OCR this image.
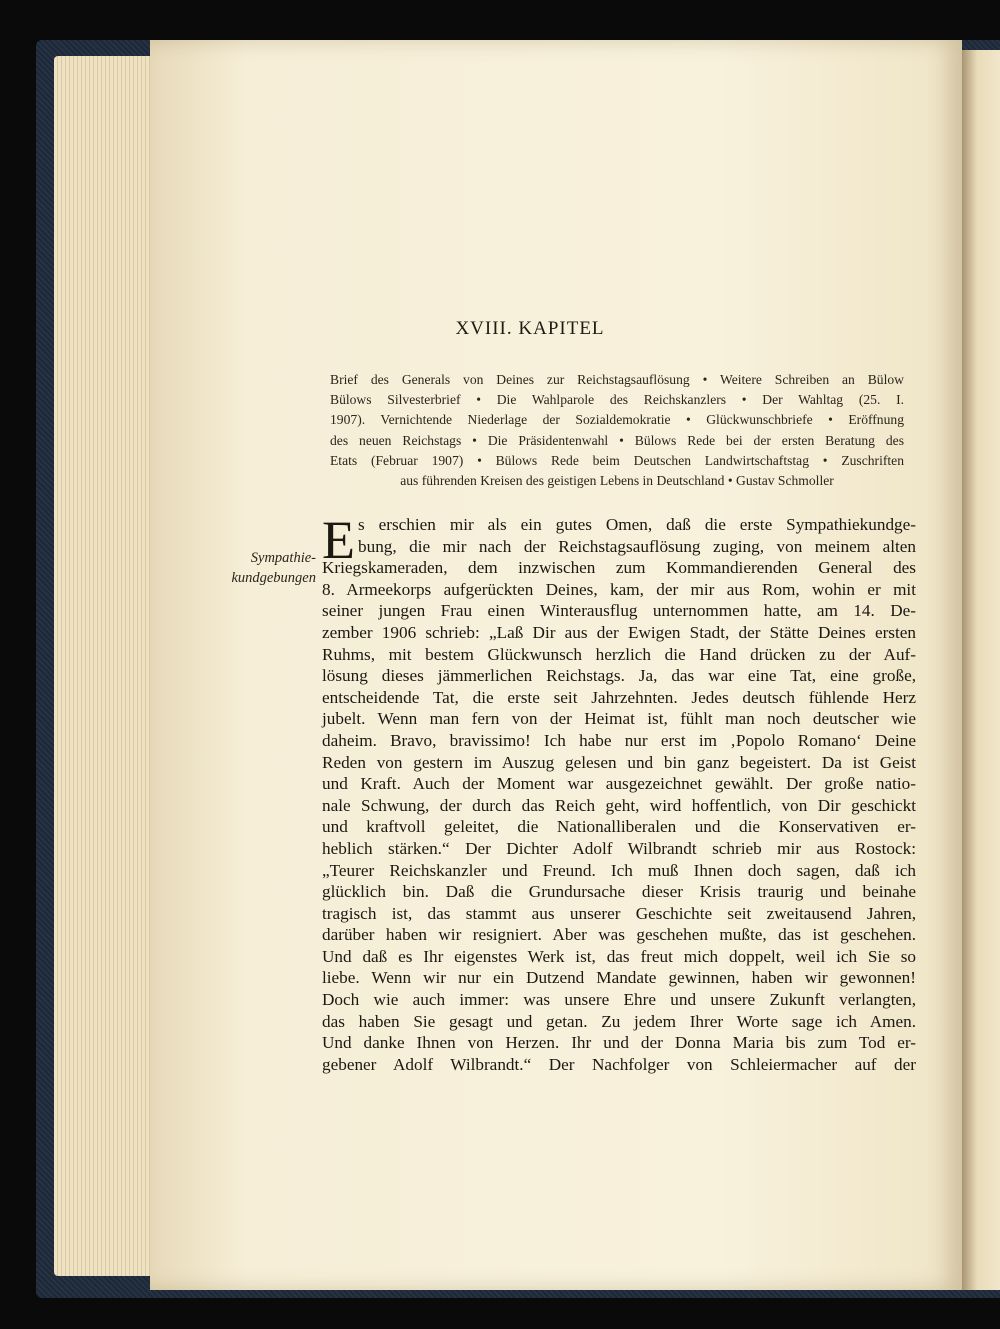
XVIII. KAPITEL
Brief des Generals von Deines zur Reichstagsauflösung • Weitere Schreiben an Bülow
Bülows Silvesterbrief • Die Wahlparole des Reichskanzlers • Der Wahltag (25. I.
1907). Vernichtende Niederlage der Sozialdemokratie • Glückwunschbriefe • Eröffnung
des neuen Reichstags • Die Präsidentenwahl • Bülows Rede bei der ersten Beratung des
Etats (Februar 1907) • Bülows Rede beim Deutschen Landwirtschaftstag • Zuschriften
aus führenden Kreisen des geistigen Lebens in Deutschland • Gustav Schmoller
Sympathie-
kundgebungen
E s erschien mir als ein gutes Omen, daß die erste Sympathiekundge-
bung, die mir nach der Reichstagsauflösung zuging, von meinem alten
Kriegskameraden, dem inzwischen zum Kommandierenden General des
8. Armeekorps aufgerückten Deines, kam, der mir aus Rom, wohin er mit
seiner jungen Frau einen Winterausflug unternommen hatte, am 14. De-
zember 1906 schrieb: „Laß Dir aus der Ewigen Stadt, der Stätte Deines ersten
Ruhms, mit bestem Glückwunsch herzlich die Hand drücken zu der Auf-
lösung dieses jämmerlichen Reichstags. Ja, das war eine Tat, eine große,
entscheidende Tat, die erste seit Jahrzehnten. Jedes deutsch fühlende Herz
jubelt. Wenn man fern von der Heimat ist, fühlt man noch deutscher wie
daheim. Bravo, bravissimo! Ich habe nur erst im ‚Popolo Romano‘ Deine
Reden von gestern im Auszug gelesen und bin ganz begeistert. Da ist Geist
und Kraft. Auch der Moment war ausgezeichnet gewählt. Der große natio-
nale Schwung, der durch das Reich geht, wird hoffentlich, von Dir geschickt
und kraftvoll geleitet, die Nationalliberalen und die Konservativen er-
heblich stärken.“ Der Dichter Adolf Wilbrandt schrieb mir aus Rostock:
„Teurer Reichskanzler und Freund. Ich muß Ihnen doch sagen, daß ich
glücklich bin. Daß die Grundursache dieser Krisis traurig und beinahe
tragisch ist, das stammt aus unserer Geschichte seit zweitausend Jahren,
darüber haben wir resigniert. Aber was geschehen mußte, das ist geschehen.
Und daß es Ihr eigenstes Werk ist, das freut mich doppelt, weil ich Sie so
liebe. Wenn wir nur ein Dutzend Mandate gewinnen, haben wir gewonnen!
Doch wie auch immer: was unsere Ehre und unsere Zukunft verlangten,
das haben Sie gesagt und getan. Zu jedem Ihrer Worte sage ich Amen.
Und danke Ihnen von Herzen. Ihr und der Donna Maria bis zum Tod er-
gebener Adolf Wilbrandt.“ Der Nachfolger von Schleiermacher auf der
